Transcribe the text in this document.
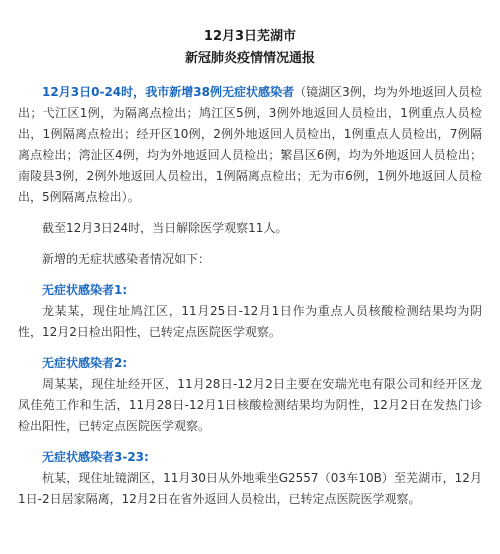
12月3日芜湖市
新冠肺炎疫情情况通报

12月3日0-24时，我市新增38例无症状感染者（镜湖区3例，均为外地返回人员检出；弋江区1例，为隔离点检出；鸠江区5例，3例外地返回人员检出，1例重点人员检出，1例隔离点检出；经开区10例，2例外地返回人员检出，1例重点人员检出，7例隔离点检出；湾沚区4例，均为外地返回人员检出；繁昌区6例，均为外地返回人员检出；南陵县3例，2例外地返回人员检出，1例隔离点检出；无为市6例，1例外地返回人员检出，5例隔离点检出）。

截至12月3日24时，当日解除医学观察11人。

新增的无症状感染者情况如下：

无症状感染者1:

龙某某，现住址鸠江区，11月25日-12月1日作为重点人员核酸检测结果均为阴性，12月2日检出阳性，已转定点医院医学观察。

无症状感染者2:

周某某，现住址经开区，11月28日-12月2日主要在安瑞光电有限公司和经开区龙凤佳苑工作和生活，11月28日-12月1日核酸检测结果均为阴性，12月2日在发热门诊检出阳性，已转定点医院医学观察。

无症状感染者3-23:

杭某，现住址镜湖区，11月30日从外地乘坐G2557（03车10B）至芜湖市，12月1日-2日居家隔离，12月2日在省外返回人员检出，已转定点医院医学观察。
